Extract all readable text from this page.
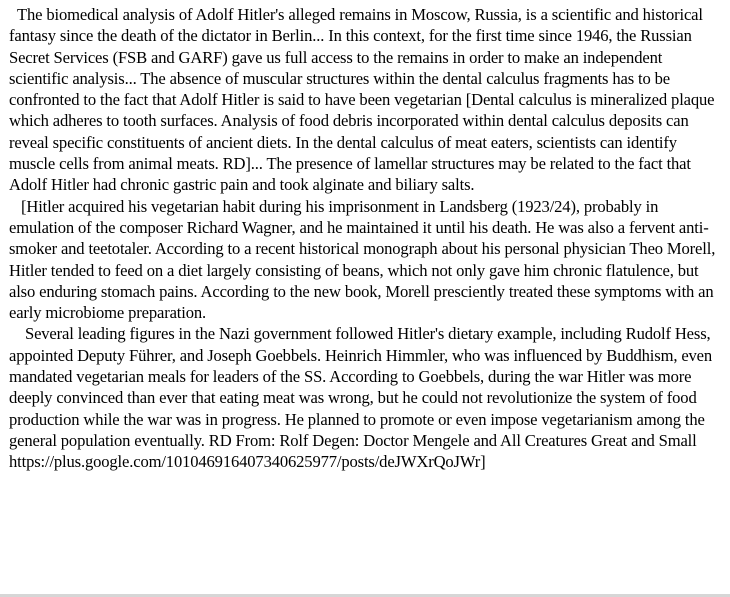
The biomedical analysis of Adolf Hitler's alleged remains in Moscow, Russia, is a scientific and historical fantasy since the death of the dictator in Berlin... In this context, for the first time since 1946, the Russian Secret Services (FSB and GARF) gave us full access to the remains in order to make an independent scientific analysis... The absence of muscular structures within the dental calculus fragments has to be confronted to the fact that Adolf Hitler is said to have been vegetarian [Dental calculus is mineralized plaque which adheres to tooth surfaces. Analysis of food debris incorporated within dental calculus deposits can reveal specific constituents of ancient diets. In the dental calculus of meat eaters, scientists can identify muscle cells from animal meats. RD]... The presence of lamellar structures may be related to the fact that Adolf Hitler had chronic gastric pain and took alginate and biliary salts.

[Hitler acquired his vegetarian habit during his imprisonment in Landsberg (1923/24), probably in emulation of the composer Richard Wagner, and he maintained it until his death. He was also a fervent anti-smoker and teetotaler. According to a recent historical monograph about his personal physician Theo Morell, Hitler tended to feed on a diet largely consisting of beans, which not only gave him chronic flatulence, but also enduring stomach pains. According to the new book, Morell presciently treated these symptoms with an early microbiome preparation.

Several leading figures in the Nazi government followed Hitler's dietary example, including Rudolf Hess, appointed Deputy Führer, and Joseph Goebbels. Heinrich Himmler, who was influenced by Buddhism, even mandated vegetarian meals for leaders of the SS. According to Goebbels, during the war Hitler was more deeply convinced than ever that eating meat was wrong, but he could not revolutionize the system of food production while the war was in progress. He planned to promote or even impose vegetarianism among the general population eventually. RD From: Rolf Degen: Doctor Mengele and All Creatures Great and Small https://plus.google.com/101046916407340625977/posts/deJWXrQoJWr]
